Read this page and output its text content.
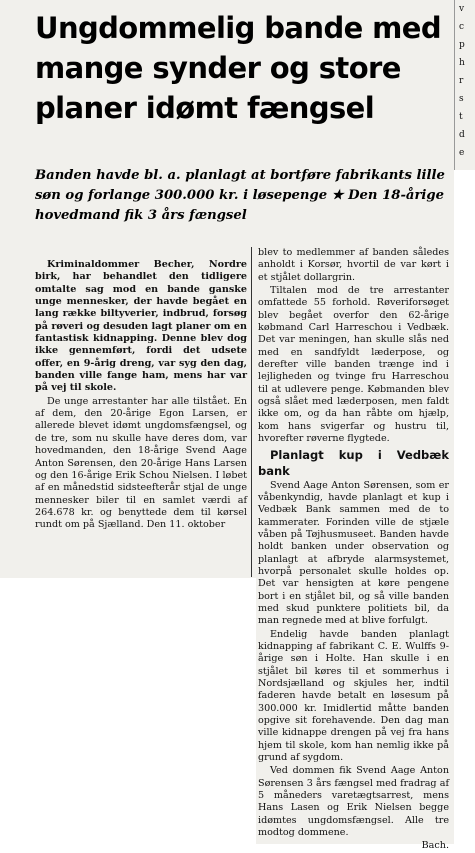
v
c
p
h
r
s
t
d
e
Ungdommelig bande med mange synder og store planer idømt fængsel

Banden havde bl. a. planlagt at bortføre fabrikants lille søn og forlange 300.000 kr. i løsepenge ★ Den 18-årige hovedmand fik 3 års fængsel

Kriminaldommer Becher, Nordre birk, har behandlet den tidligere omtalte sag mod en bande ganske unge mennesker, der havde begået en lang række biltyverier, indbrud, forsøg på røveri og desuden lagt planer om en fantastisk kidnapping. Denne blev dog ikke gennemført, fordi det udsete offer, en 9-årig dreng, var syg den dag, banden ville fange ham, mens har var på vej til skole.

De unge arrestanter har alle tilstået. En af dem, den 20-årige Egon Larsen, er allerede blevet idømt ungdomsfængsel, og de tre, som nu skulle have deres dom, var hovedmanden, den 18-årige Svend Aage Anton Sørensen, den 20-årige Hans Larsen og den 16-årige Erik Schou Nielsen. I løbet af en månedstid sidsteefterår stjal de unge mennesker biler til en samlet værdi af 264.678 kr. og benyttede dem til kørsel rundt om på Sjælland. Den 11. oktober

blev to medlemmer af banden således anholdt i Korsør, hvortil de var kørt i et stjålet dollargrin.

Tiltalen mod de tre arrestanter omfattede 55 forhold. Røveriforsøget blev begået overfor den 62-årige købmand Carl Harreschou i Vedbæk. Det var meningen, han skulle slås ned med en sandfyldt læderpose, og derefter ville banden trænge ind i lejligheden og tvinge fru Harreschou til at udlevere penge. Købmanden blev også slået med læderposen, men faldt ikke om, og da han råbte om hjælp, kom hans svigerfar og hustru til, hvorefter røverne flygtede.

Planlagt kup i Vedbæk bank

Svend Aage Anton Sørensen, som er våbenkyndig, havde planlagt et kup i Vedbæk Bank sammen med de to kammerater. Forinden ville de stjæle våben på Tøjhusmuseet. Banden havde holdt banken under observation og planlagt at afbryde alarmsystemet, hvorpå personalet skulle holdes op. Det var hensigten at køre pengene bort i en stjålet bil, og så ville banden med skud punktere politiets bil, da man regnede med at blive forfulgt.

Endelig havde banden planlagt kidnapping af fabrikant C. E. Wulffs 9-årige søn i Holte. Han skulle i en stjålet bil køres til et sommerhus i Nordsjælland og skjules her, indtil faderen havde betalt en løsesum på 300.000 kr. Imidlertid måtte banden opgive sit forehavende. Den dag man ville kidnappe drengen på vej fra hans hjem til skole, kom han nemlig ikke på grund af sygdom.

Ved dommen fik Svend Aage Anton Sørensen 3 års fængsel med fradrag af 5 måneders varetægtsarrest, mens Hans Lasen og Erik Nielsen begge idømtes ungdomsfængsel. Alle tre modtog dommene.

Bach.
